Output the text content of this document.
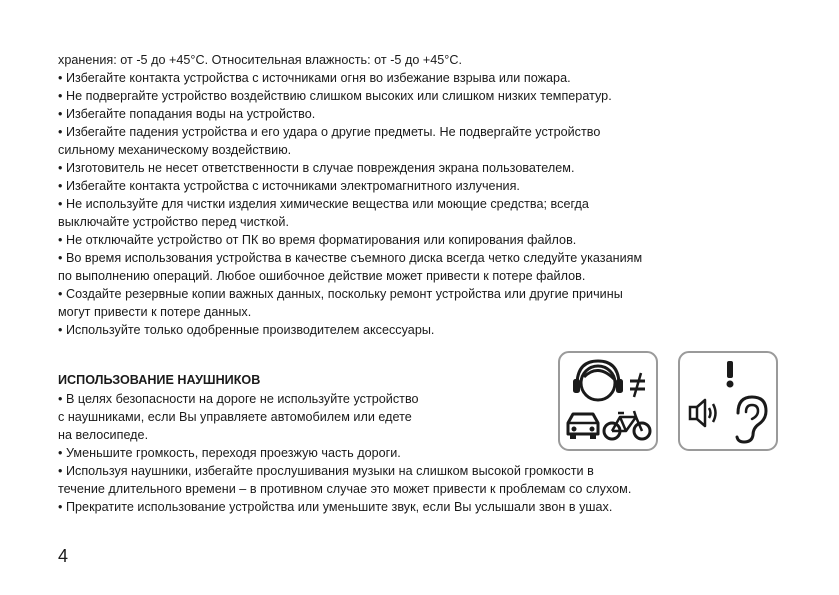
хранения: от -5 до +45°С. Относительная влажность: от -5 до +45°С.
• Избегайте контакта устройства с источниками огня во избежание взрыва или пожара.
• Не подвергайте устройство воздействию слишком высоких или слишком низких температур.
• Избегайте попадания воды на устройство.
• Избегайте падения устройства и его удара о другие предметы. Не подвергайте устройство
сильному механическому воздействию.
• Изготовитель не несет ответственности в случае повреждения экрана пользователем.
• Избегайте контакта устройства с источниками электромагнитного излучения.
• Не используйте для чистки изделия химические вещества или моющие средства; всегда
выключайте устройство перед чисткой.
• Не отключайте устройство от ПК во время форматирования или копирования файлов.
• Во время использования устройства в качестве съемного диска всегда четко следуйте указаниям
по выполнению операций. Любое ошибочное действие может привести к потере файлов.
• Создайте резервные копии важных данных, поскольку ремонт устройства или другие причины
могут привести к потере данных.
• Используйте только одобренные производителем аксессуары.
ИСПОЛЬЗОВАНИЕ НАУШНИКОВ
• В целях безопасности на дороге не используйте устройство
с наушниками, если Вы управляете автомобилем или едете
на велосипеде.
• Уменьшите громкость, переходя проезжую часть дороги.
• Используя наушники, избегайте прослушивания музыки на слишком высокой громкости в
течение длительного времени – в противном случае это может привести к проблемам со слухом.
• Прекратите использование устройства или уменьшите звук, если Вы услышали звон в ушах.
4
